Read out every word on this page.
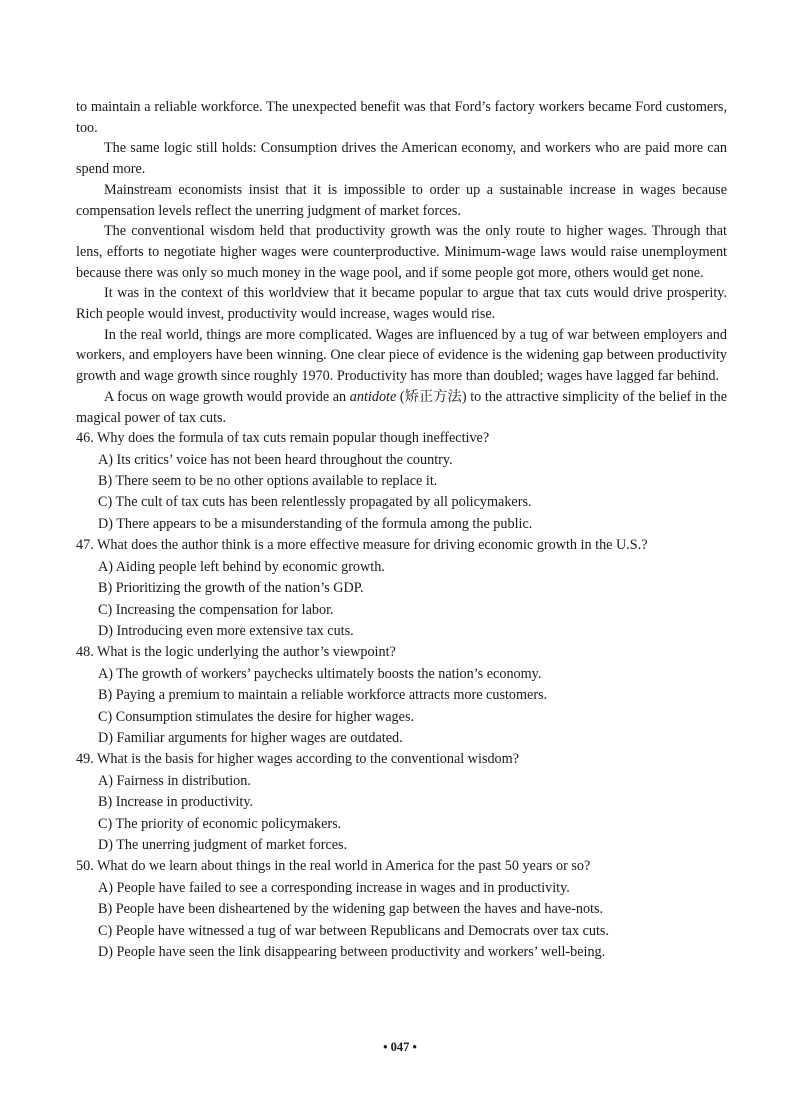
to maintain a reliable workforce. The unexpected benefit was that Ford’s factory workers became Ford customers, too.

The same logic still holds: Consumption drives the American economy, and workers who are paid more can spend more.

Mainstream economists insist that it is impossible to order up a sustainable increase in wages because compensation levels reflect the unerring judgment of market forces.

The conventional wisdom held that productivity growth was the only route to higher wages. Through that lens, efforts to negotiate higher wages were counterproductive. Minimum-wage laws would raise unemployment because there was only so much money in the wage pool, and if some people got more, others would get none.

It was in the context of this worldview that it became popular to argue that tax cuts would drive prosperity. Rich people would invest, productivity would increase, wages would rise.

In the real world, things are more complicated. Wages are influenced by a tug of war between employers and workers, and employers have been winning. One clear piece of evidence is the widening gap between productivity growth and wage growth since roughly 1970. Productivity has more than doubled; wages have lagged far behind.

A focus on wage growth would provide an antidote (矫正方法) to the attractive simplicity of the belief in the magical power of tax cuts.

46. Why does the formula of tax cuts remain popular though ineffective?

A) Its critics’ voice has not been heard throughout the country.

B) There seem to be no other options available to replace it.

C) The cult of tax cuts has been relentlessly propagated by all policymakers.

D) There appears to be a misunderstanding of the formula among the public.

47. What does the author think is a more effective measure for driving economic growth in the U.S.?

A) Aiding people left behind by economic growth.

B) Prioritizing the growth of the nation’s GDP.

C) Increasing the compensation for labor.

D) Introducing even more extensive tax cuts.

48. What is the logic underlying the author’s viewpoint?

A) The growth of workers’ paychecks ultimately boosts the nation’s economy.

B) Paying a premium to maintain a reliable workforce attracts more customers.

C) Consumption stimulates the desire for higher wages.

D) Familiar arguments for higher wages are outdated.

49. What is the basis for higher wages according to the conventional wisdom?

A) Fairness in distribution.

B) Increase in productivity.

C) The priority of economic policymakers.

D) The unerring judgment of market forces.

50. What do we learn about things in the real world in America for the past 50 years or so?

A) People have failed to see a corresponding increase in wages and in productivity.

B) People have been disheartened by the widening gap between the haves and have-nots.

C) People have witnessed a tug of war between Republicans and Democrats over tax cuts.

D) People have seen the link disappearing between productivity and workers’ well-being.

• 047 •
